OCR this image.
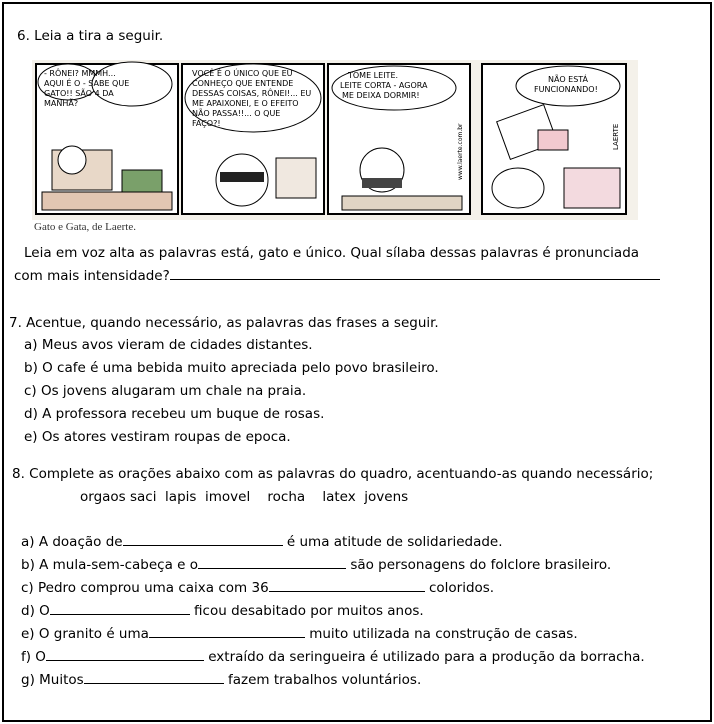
6. Leia a tira a seguir.
- RÔNEI? MMMH...
AQUI É O - SABE QUE
GATO!! SÃO 4 DA
MANHÃ?
VOCÊ É O ÚNICO QUE EU
CONHEÇO QUE ENTENDE
DESSAS COISAS, RÔNEI!... EU
ME APAIXONEI, E O EFEITO
NÃO PASSA!!... O QUE
FAÇO?!
TOME LEITE.
LEITE CORTA - AGORA
ME DEIXA DORMIR!
www.laerte.com.br
Gato e Gata, de Laerte.
NÃO ESTÁ
FUNCIONANDO!
LAERTE
Leia em voz alta as palavras está, gato e único. Qual sílaba dessas palavras é pronunciada
com mais intensidade?
7. Acentue, quando necessário, as palavras das frases a seguir.
a) Meus avos vieram de cidades distantes.
b) O cafe é uma bebida muito apreciada pelo povo brasileiro.
c) Os jovens alugaram um chale na praia.
d) A professora recebeu um buque de rosas.
e) Os atores vestiram roupas de epoca.
8. Complete as orações abaixo com as palavras do quadro, acentuando-as quando necessário;
orgaos saci  lapis  imovel    rocha    latex  jovens
a) A doação de	é uma atitude de solidariedade.
b) A mula-sem-cabeça e o	são personagens do folclore brasileiro.
c) Pedro comprou uma caixa com 36	coloridos.
d) O	ficou desabitado por muitos anos.
e) O granito é uma	muito utilizada na construção de casas.
f) O	extraído da seringueira é utilizado para a produção da borracha.
g) Muitos	fazem trabalhos voluntários.
